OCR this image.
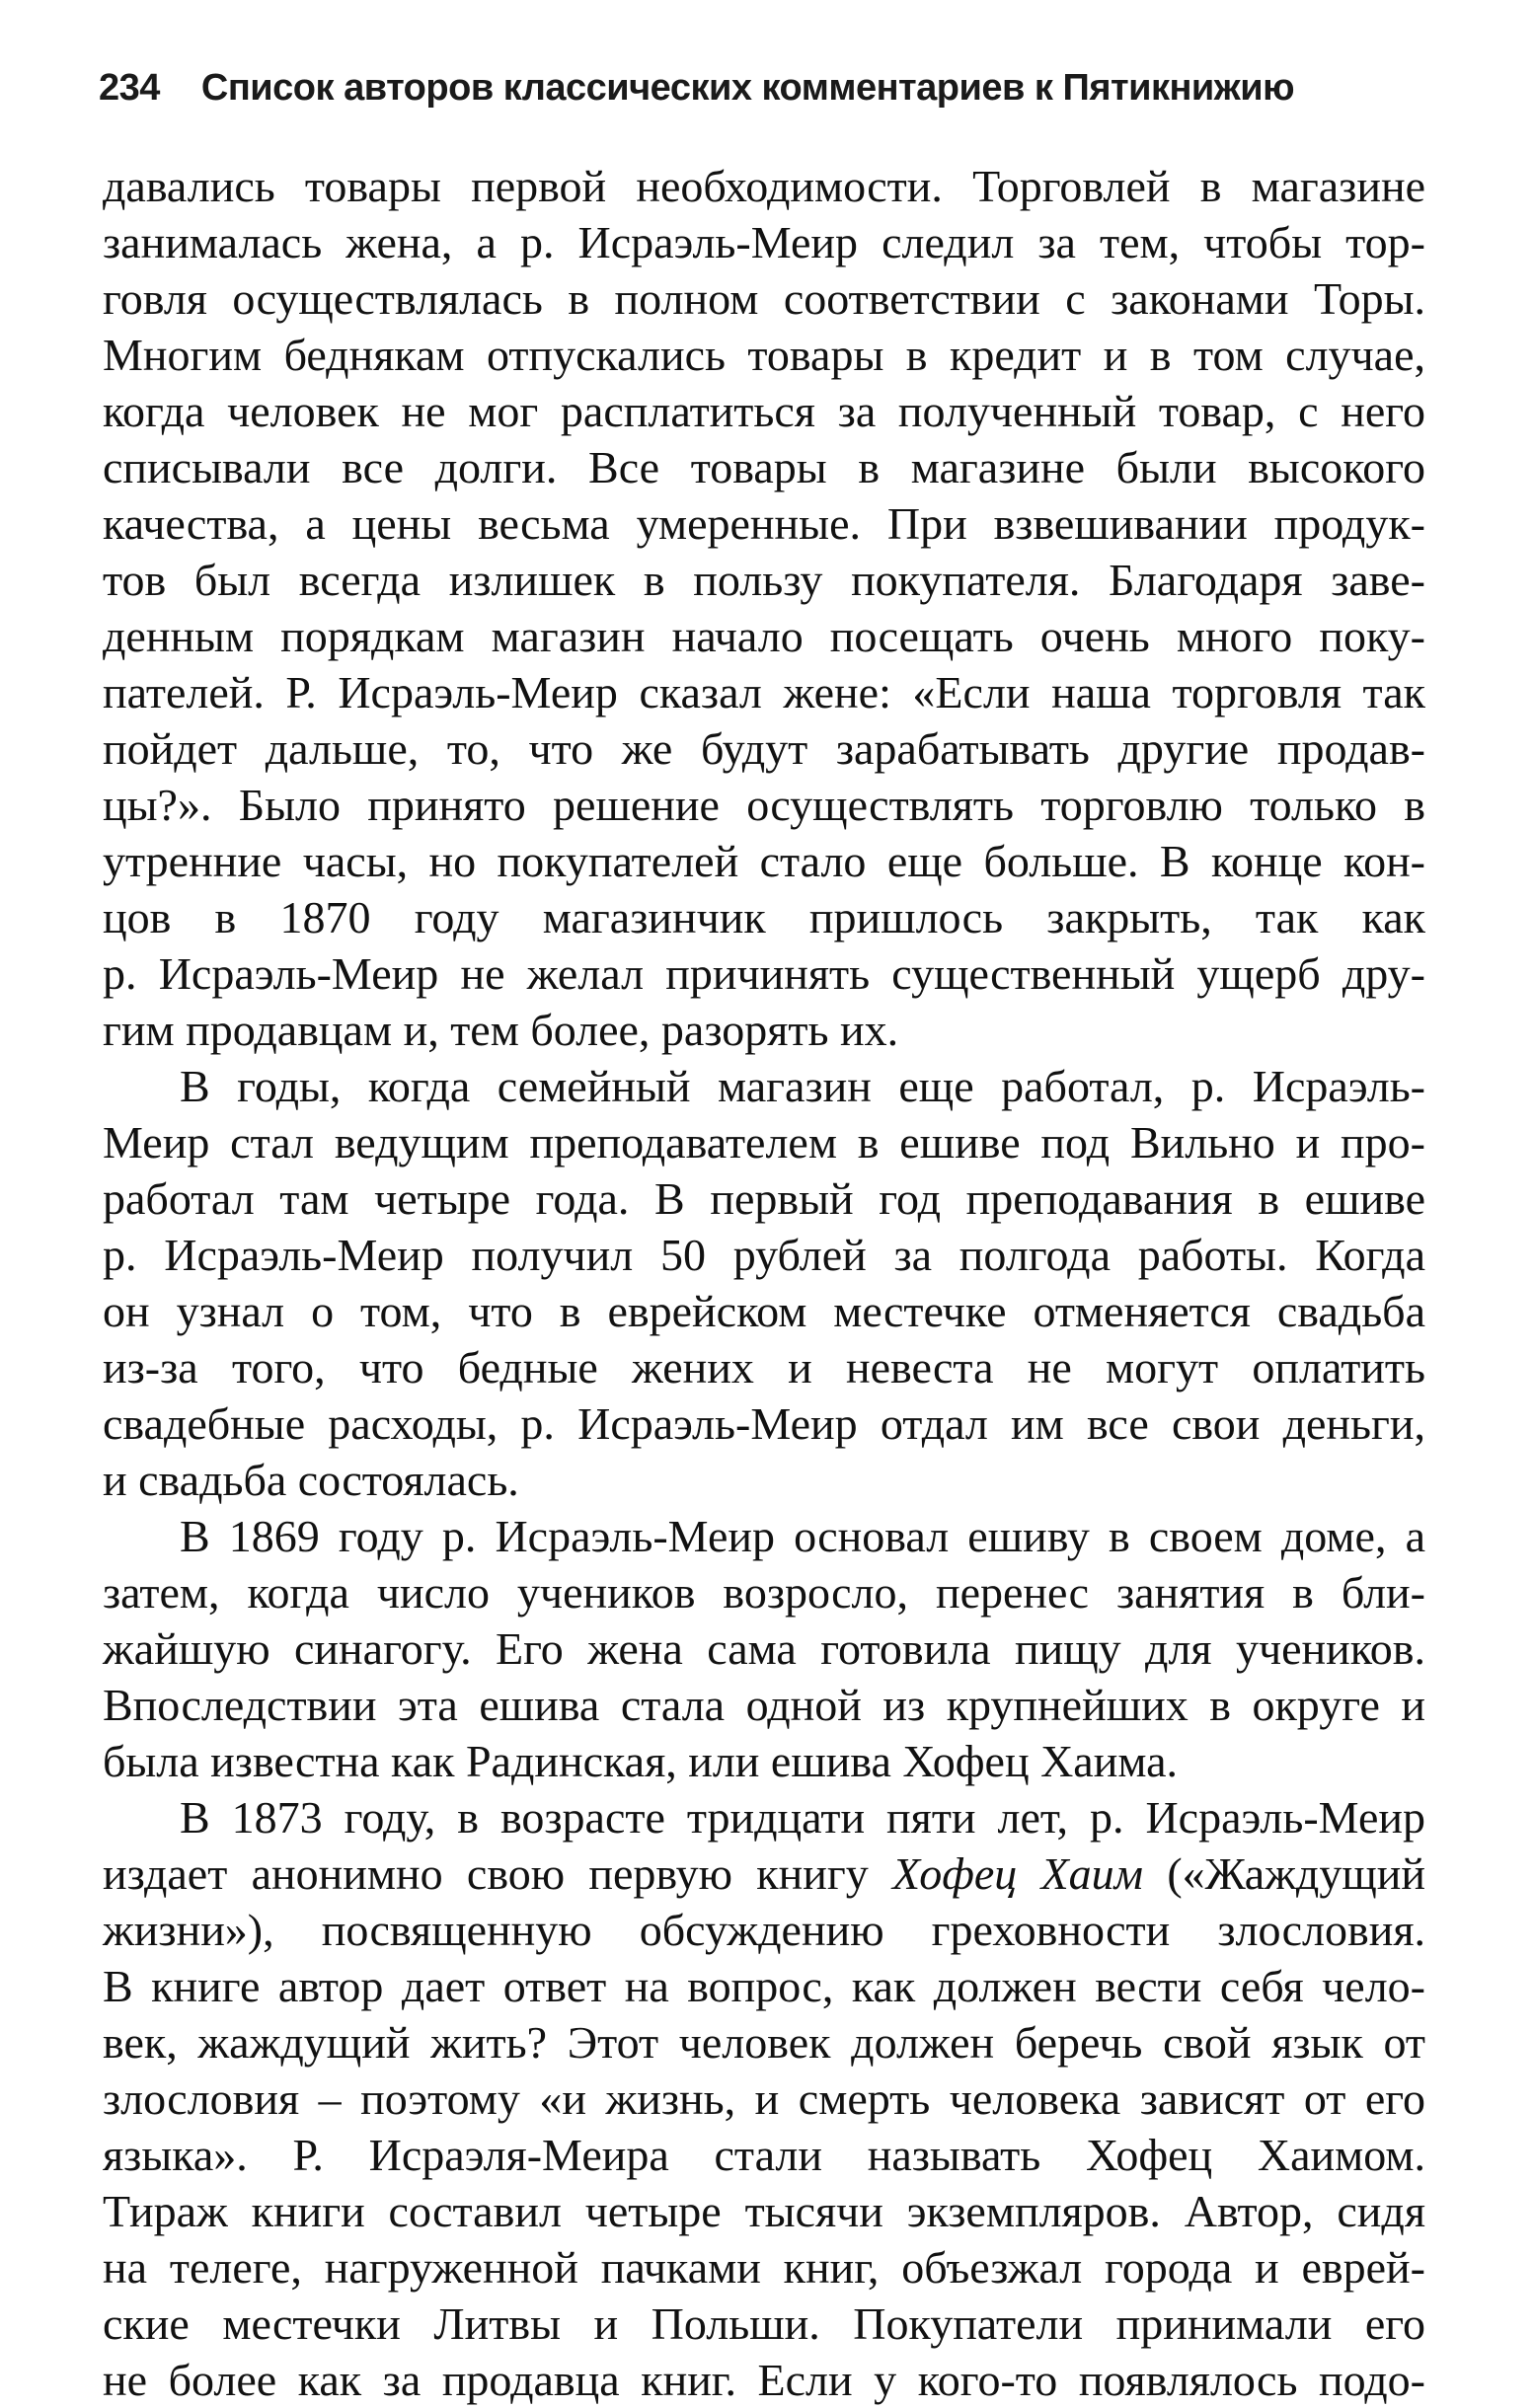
234 Список авторов классических комментариев к Пятикнижию
давались товары первой необходимости. Торговлей в магазине
занималась жена, а р. Исраэль-Меир следил за тем, чтобы тор-
говля осуществлялась в полном соответствии с законами Торы.
Многим беднякам отпускались товары в кредит и в том случае,
когда человек не мог расплатиться за полученный товар, с него
списывали все долги. Все товары в магазине были высокого
качества, а цены весьма умеренные. При взвешивании продук-
тов был всегда излишек в пользу покупателя. Благодаря заве-
денным порядкам магазин начало посещать очень много поку-
пателей. Р. Исраэль-Меир сказал жене: «Если наша торговля так
пойдет дальше, то, что же будут зарабатывать другие продав-
цы?». Было принято решение осуществлять торговлю только в
утренние часы, но покупателей стало еще больше. В конце кон-
цов в 1870 году магазинчик пришлось закрыть, так как
р. Исраэль-Меир не желал причинять существенный ущерб дру-
гим продавцам и, тем более, разорять их.
В годы, когда семейный магазин еще работал, р. Исраэль-
Меир стал ведущим преподавателем в ешиве под Вильно и про-
работал там четыре года. В первый год преподавания в ешиве
р. Исраэль-Меир получил 50 рублей за полгода работы. Когда
он узнал о том, что в еврейском местечке отменяется свадьба
из-за того, что бедные жених и невеста не могут оплатить
свадебные расходы, р. Исраэль-Меир отдал им все свои деньги,
и свадьба состоялась.
В 1869 году р. Исраэль-Меир основал ешиву в своем доме, а
затем, когда число учеников возросло, перенес занятия в бли-
жайшую синагогу. Его жена сама готовила пищу для учеников.
Впоследствии эта ешива стала одной из крупнейших в округе и
была известна как Радинская, или ешива Хофец Хаима.
В 1873 году, в возрасте тридцати пяти лет, р. Исраэль-Меир
издает анонимно свою первую книгу Хофец Хаим («Жаждущий
жизни»), посвященную обсуждению греховности злословия.
В книге автор дает ответ на вопрос, как должен вести себя чело-
век, жаждущий жить? Этот человек должен беречь свой язык от
злословия – поэтому «и жизнь, и смерть человека зависят от его
языка». Р. Исраэля-Меира стали называть Хофец Хаимом.
Тираж книги составил четыре тысячи экземпляров. Автор, сидя
на телеге, нагруженной пачками книг, объезжал города и еврей-
ские местечки Литвы и Польши. Покупатели принимали его
не более как за продавца книг. Если у кого-то появлялось подо-
